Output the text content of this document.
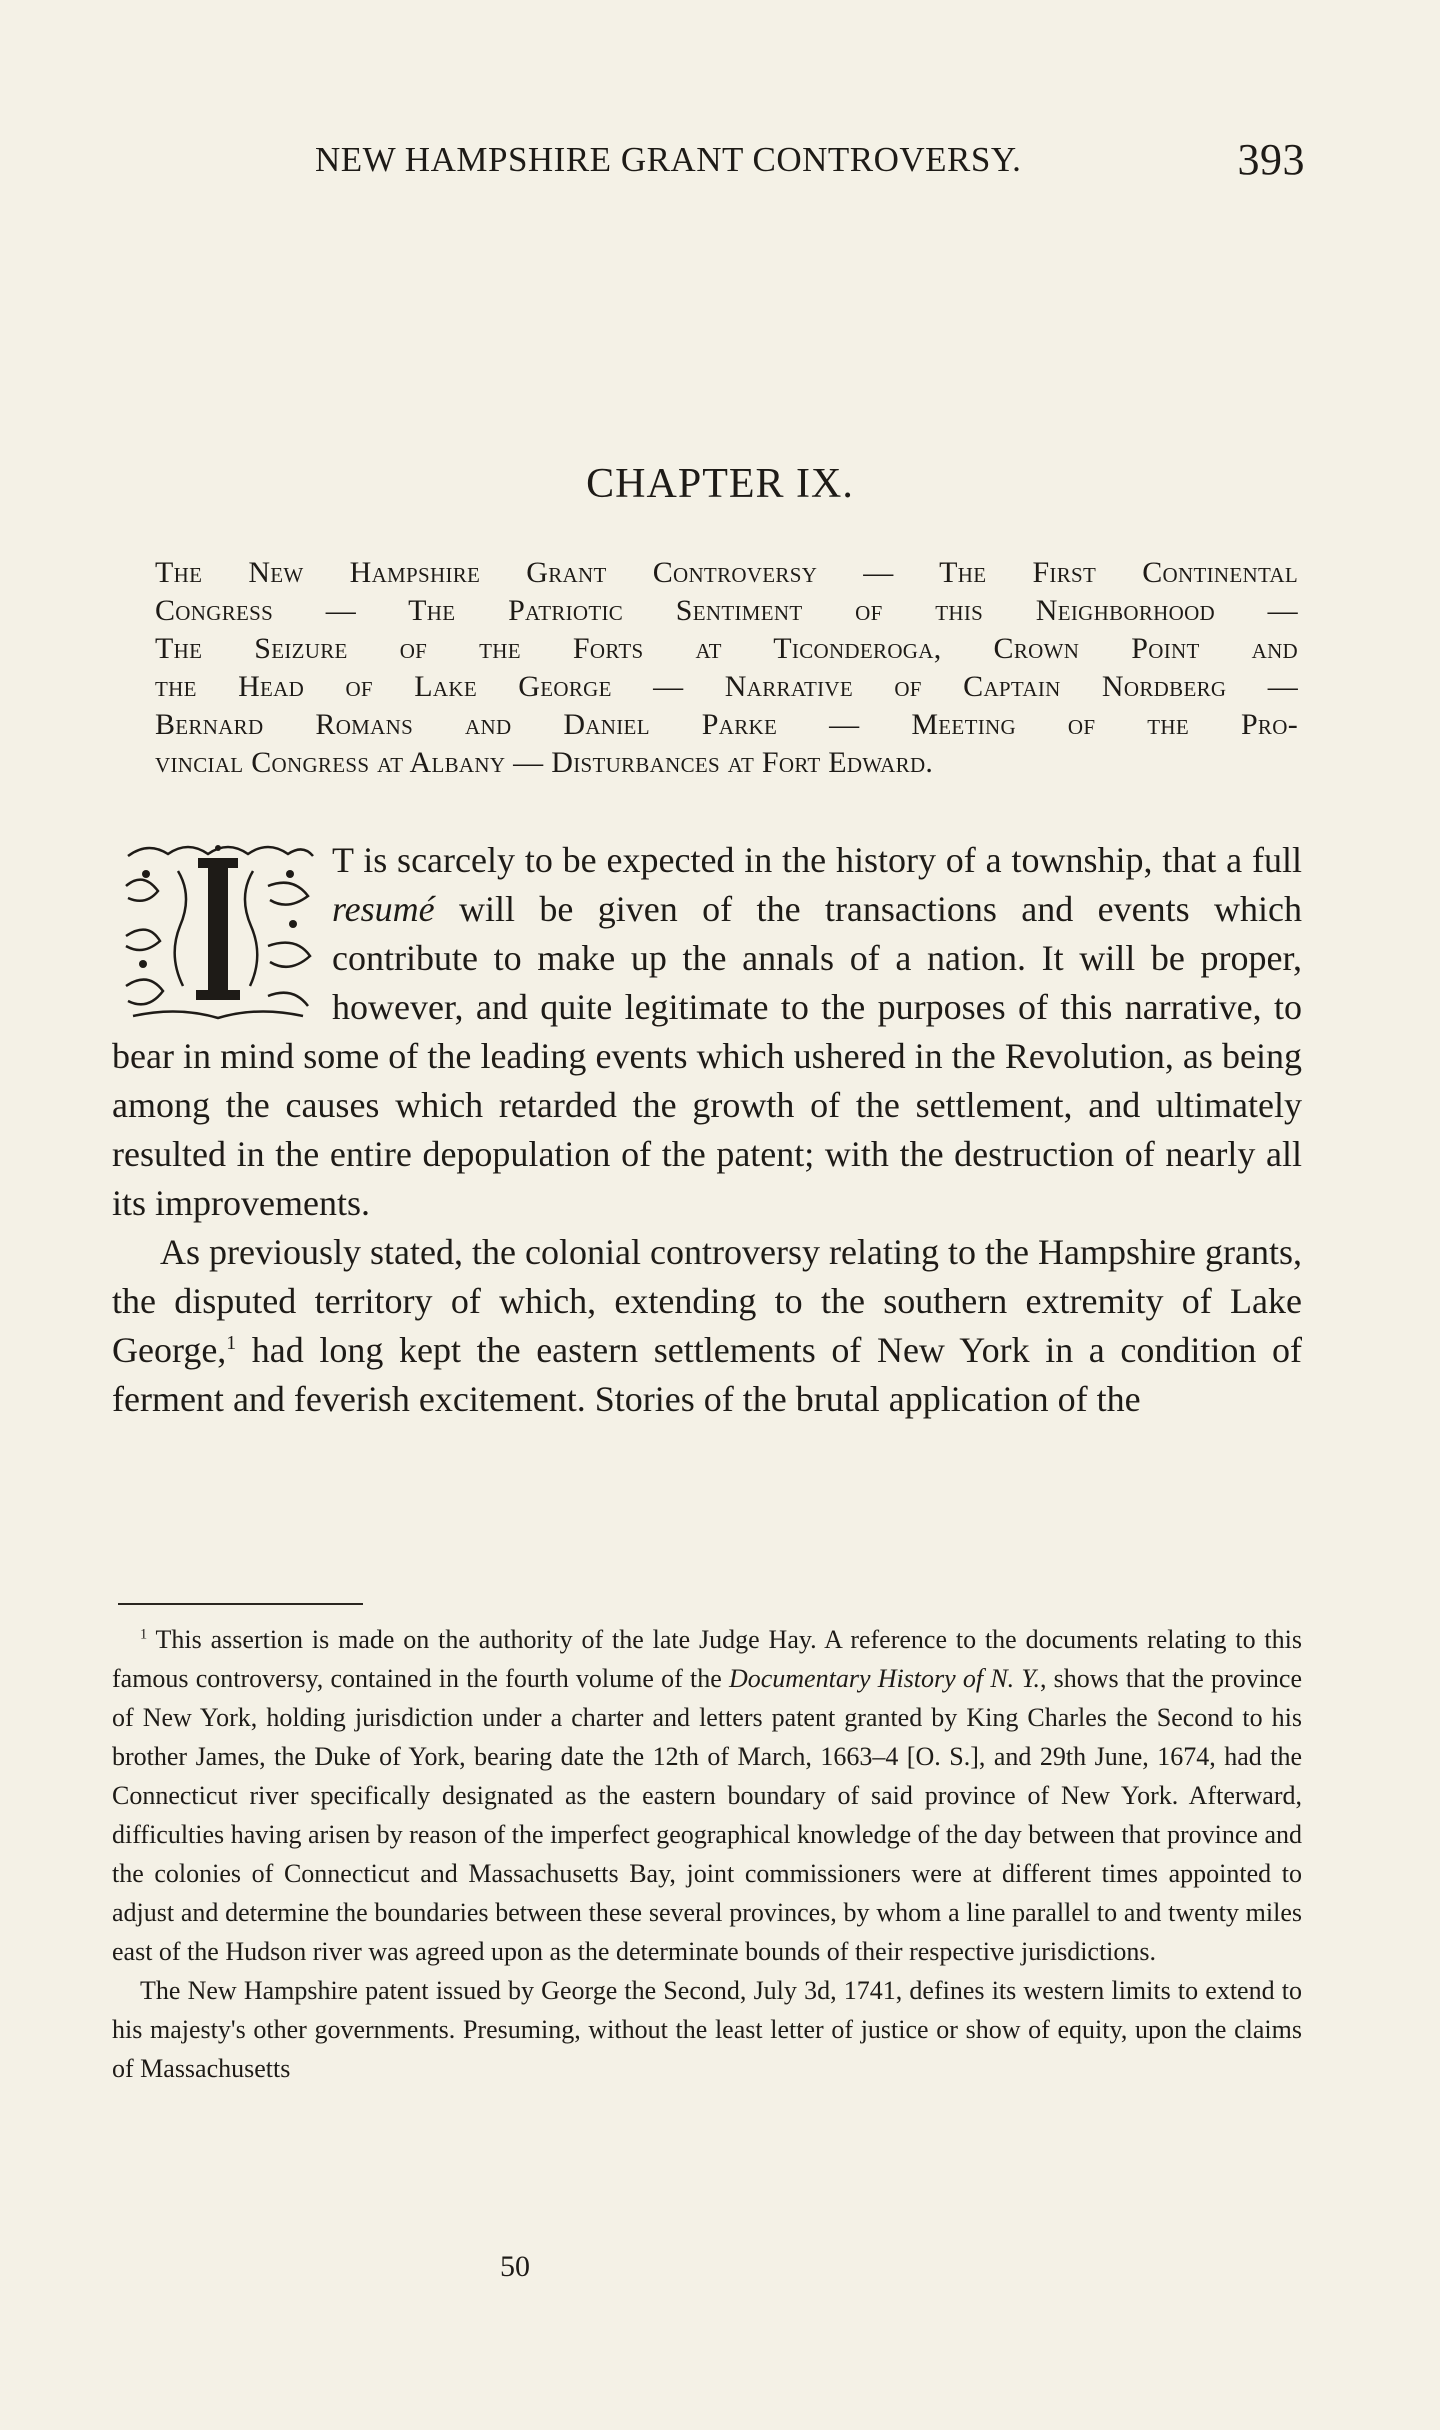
NEW HAMPSHIRE GRANT CONTROVERSY.	393
CHAPTER IX.
The New Hampshire Grant Controversy — The First Continental
Congress — The Patriotic Sentiment of this Neighborhood —
The Seizure of the Forts at Ticonderoga, Crown Point and
the Head of Lake George — Narrative of Captain Nordberg —
Bernard Romans and Daniel Parke — Meeting of the Pro-
vincial Congress at Albany — Disturbances at Fort Edward.

T is scarcely to be expected in the history of a township, that a full resumé will be given of the transactions and events which contribute to make up the annals of a nation. It will be proper, however, and quite legitimate to the purposes of this narrative, to bear in mind some of the leading events which ushered in the Revolution, as being among the causes which retarded the growth of the settlement, and ultimately resulted in the entire depopulation of the patent; with the destruction of nearly all its improvements.

As previously stated, the colonial controversy relating to the Hampshire grants, the disputed territory of which, extending to the southern extremity of Lake George,$^1$ had long kept the eastern settlements of New York in a condition of ferment and feverish excitement. Stories of the brutal application of the

$^1$ This assertion is made on the authority of the late Judge Hay. A reference to the documents relating to this famous controversy, contained in the fourth volume of the Documentary History of N. Y., shows that the province of New York, holding jurisdiction under a charter and letters patent granted by King Charles the Second to his brother James, the Duke of York, bearing date the 12th of March, 1663–4 [O. S.], and 29th June, 1674, had the Connecticut river specifically designated as the eastern boundary of said province of New York. Afterward, difficulties having arisen by reason of the imperfect geographical knowledge of the day between that province and the colonies of Connecticut and Massachusetts Bay, joint commissioners were at different times appointed to adjust and determine the boundaries between these several provinces, by whom a line parallel to and twenty miles east of the Hudson river was agreed upon as the determinate bounds of their respective jurisdictions.

The New Hampshire patent issued by George the Second, July 3d, 1741, defines its western limits to extend to his majesty's other governments. Presuming, without the least letter of justice or show of equity, upon the claims of Massachusetts

50
